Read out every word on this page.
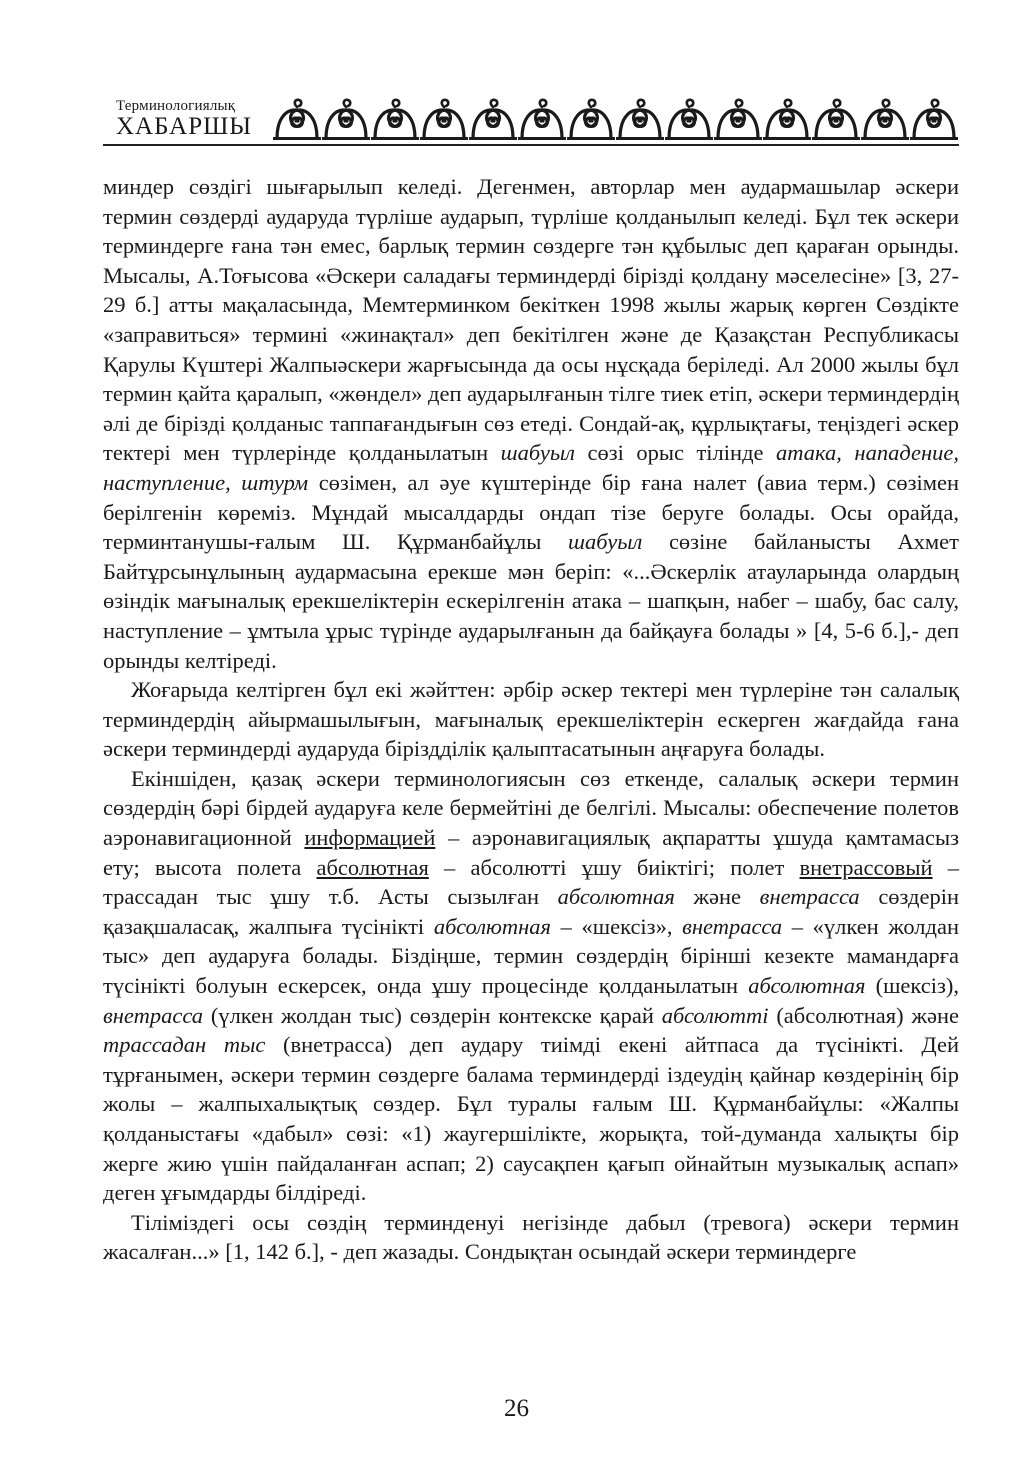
Терминологиялық
ХАБАРШЫ

миндер сөздігі шығарылып келеді. Дегенмен, авторлар мен аудармашылар әскери термин сөздерді аударуда түрліше аударып, түрліше қолданылып келеді. Бұл тек әскери терминдерге ғана тән емес, барлық термин сөздерге тән құбылыс деп қараған орынды. Мысалы, А.Тоғысова «Әскери саладағы терминдерді бірізді қолдану мәселесіне» [3, 27-29 б.] атты мақаласында, Мемтерминком бекіткен 1998 жылы жарық көрген Сөздікте «заправиться» термині «жинақтал» деп бекітілген және де Қазақстан Республикасы Қарулы Күштері Жалпыәскери жарғысында да осы нұсқада беріледі. Ал 2000 жылы бұл термин қайта қаралып, «жөндел» деп аударылғанын тілге тиек етіп, әскери терминдердің әлі де бірізді қолданыс таппағандығын сөз етеді. Сондай-ақ, құрлықтағы, теңіздегі әскер тектері мен түрлерінде қолданылатын шабуыл сөзі орыс тілінде атака, нападение, наступление, штурм сөзімен, ал әуе күштерінде бір ғана налет (авиа терм.) сөзімен берілгенін көреміз. Мұндай мысалдарды ондап тізе беруге болады. Осы орайда, терминтанушы-ғалым Ш. Құрманбайұлы шабуыл сөзіне байланысты Ахмет Байтұрсынұлының аудармасына ерекше мән беріп: «...Әскерлік атауларында олардың өзіндік мағыналық ерекшеліктерін ескерілгенін атака – шапқын, набег – шабу, бас салу, наступление – ұмтыла ұрыс түрінде аударылғанын да байқауға болады » [4, 5-6 б.],- деп орынды келтіреді.

Жоғарыда келтірген бұл екі жәйттен: әрбір әскер тектері мен түрлеріне тән салалық терминдердің айырмашылығын, мағыналық ерекшеліктерін ескерген жағдайда ғана әскери терминдерді аударуда біріздділік қалыптасатынын аңғаруға болады.

Екіншіден, қазақ әскери терминологиясын сөз еткенде, салалық әскери термин сөздердің бәрі бірдей аударуға келе бермейтіні де белгілі. Мысалы: обеспечение полетов аэронавигационной информацией – аэронавигациялық ақпаратты ұшуда қамтамасыз ету; высота полета абсолютная – абсолютті ұшу биіктігі; полет внетрассовый – трассадан тыс ұшу т.б. Асты сызылған абсолютная және внетрасса сөздерін қазақшаласақ, жалпыға түсінікті абсолютная – «шексіз», внетрасса – «үлкен жолдан тыс» деп аударуға болады. Біздіңше, термин сөздердің бірінші кезекте мамандарға түсінікті болуын ескерсек, онда ұшу процесінде қолданылатын абсолютная (шексіз), внетрасса (үлкен жолдан тыс) сөздерін контекске қарай абсолютті (абсолютная) және трассадан тыс (внетрасса) деп аудару тиімді екені айтпаса да түсінікті. Дей тұрғанымен, әскери термин сөздерге балама терминдерді іздеудің қайнар көздерінің бір жолы – жалпыхалықтық сөздер. Бұл туралы ғалым Ш. Құрманбайұлы: «Жалпы қолданыстағы «дабыл» сөзі: «1) жаугершілікте, жорықта, той-думанда халықты бір жерге жию үшін пайдаланған аспап; 2) саусақпен қағып ойнайтын музыкалық аспап» деген ұғымдарды білдіреді.

Тіліміздегі осы сөздің терминденуі негізінде дабыл (тревога) әскери термин жасалған...» [1, 142 б.], - деп жазады. Сондықтан осындай әскери терминдерге

26
